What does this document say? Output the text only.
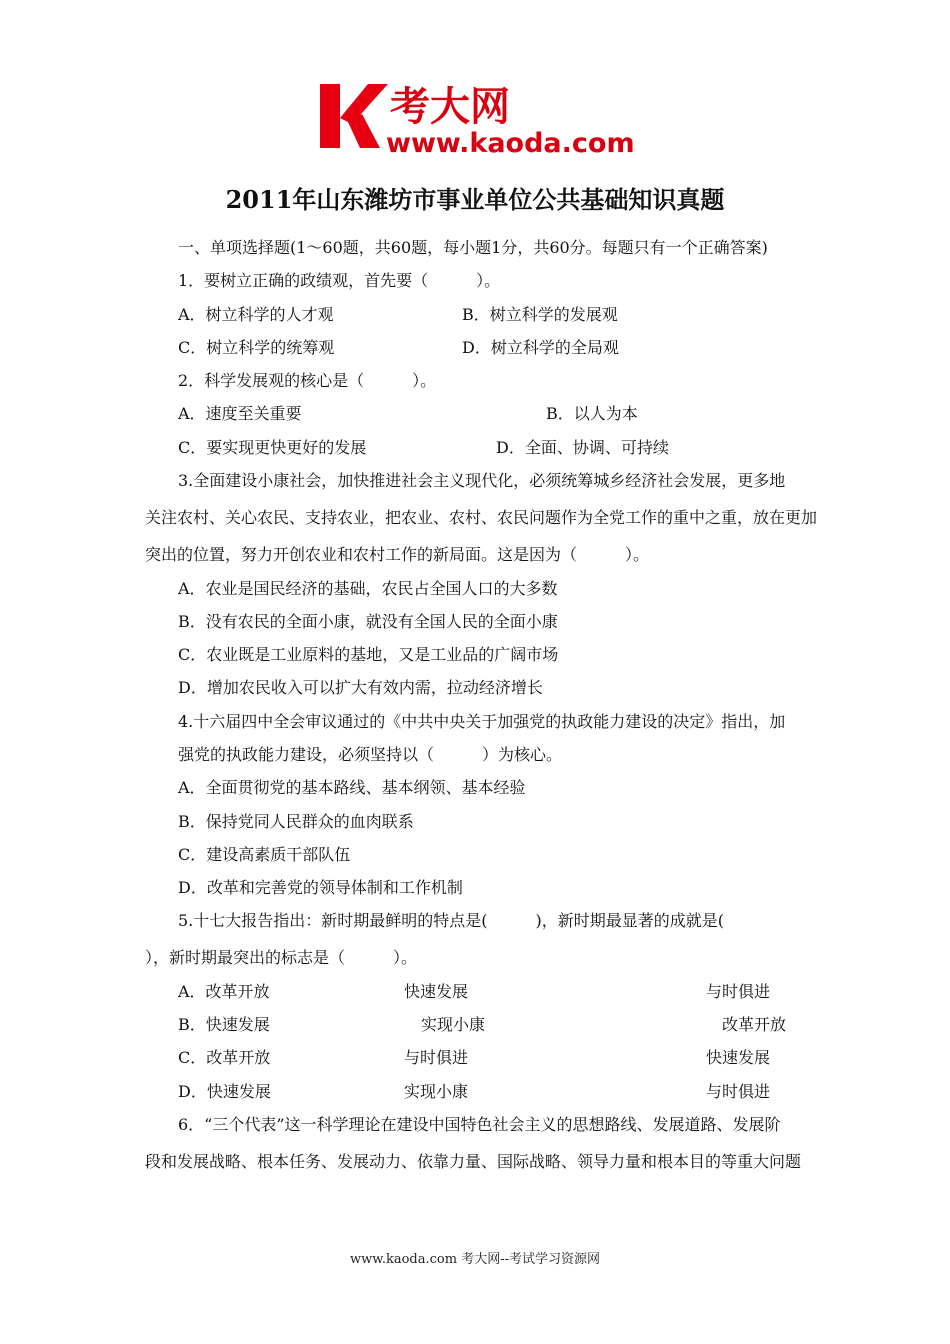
考大网
www.kaoda.com
2011年山东潍坊市事业单位公共基础知识真题
一、单项选择题(1～60题，共60题，每小题1分，共60分。每题只有一个正确答案)
1．要树立正确的政绩观，首先要（　　　）。
A．树立科学的人才观	B．树立科学的发展观
C．树立科学的统筹观	D．树立科学的全局观
2．科学发展观的核心是（　　　）。
A．速度至关重要	B．以人为本
C．要实现更快更好的发展	D．全面、协调、可持续
3.全面建设小康社会，加快推进社会主义现代化，必须统筹城乡经济社会发展，更多地
关注农村、关心农民、支持农业，把农业、农村、农民问题作为全党工作的重中之重，放在更加
突出的位置，努力开创农业和农村工作的新局面。这是因为（　　　）。
A．农业是国民经济的基础，农民占全国人口的大多数
B．没有农民的全面小康，就没有全国人民的全面小康
C．农业既是工业原料的基地，又是工业品的广阔市场
D．增加农民收入可以扩大有效内需，拉动经济增长
4.十六届四中全会审议通过的《中共中央关于加强党的执政能力建设的决定》指出，加
强党的执政能力建设，必须坚持以（　　　）为核心。
A．全面贯彻党的基本路线、基本纲领、基本经验
B．保持党同人民群众的血肉联系
C．建设高素质干部队伍
D．改革和完善党的领导体制和工作机制
5.十七大报告指出：新时期最鲜明的特点是(　　　)，新时期最显著的成就是(
），新时期最突出的标志是（　　　）。
A．改革开放	快速发展	与时俱进
B．快速发展	实现小康	改革开放
C．改革开放	与时俱进	快速发展
D．快速发展	实现小康	与时俱进
6．“三个代表”这一科学理论在建设中国特色社会主义的思想路线、发展道路、发展阶
段和发展战略、根本任务、发展动力、依靠力量、国际战略、领导力量和根本目的等重大问题
www.kaoda.com 考大网--考试学习资源网
